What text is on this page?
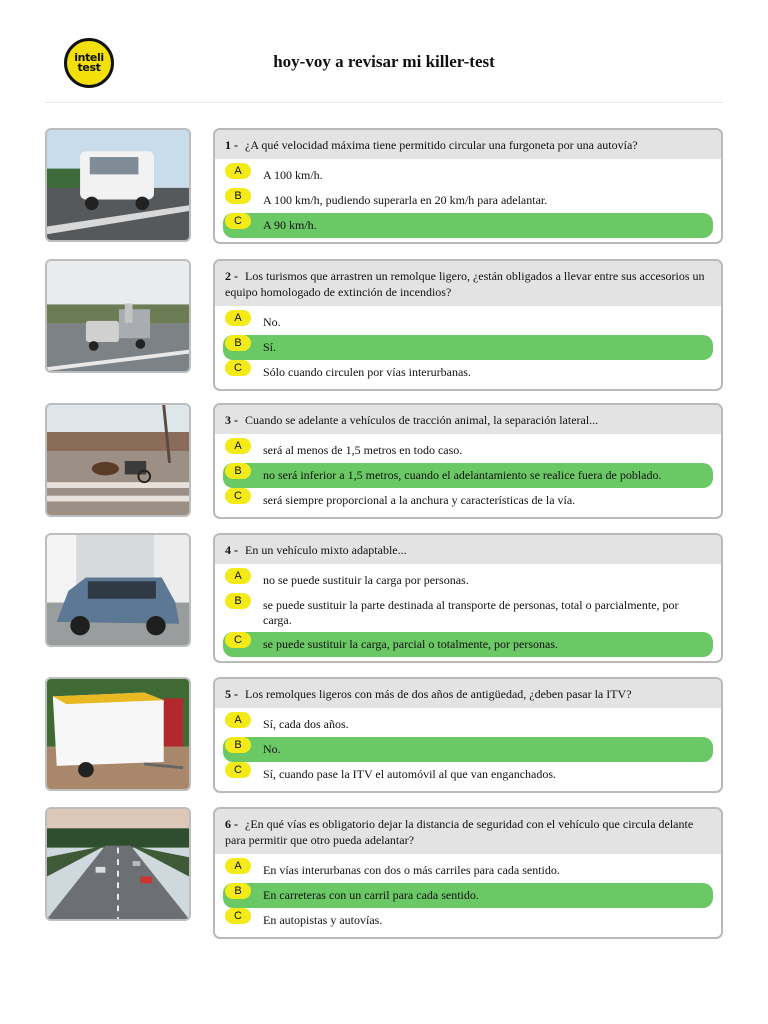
inteli
test	hoy-voy a revisar mi killer-test
1 - ¿A qué velocidad máxima tiene permitido circular una furgoneta por una autovía?
A	A 100 km/h.
B	A 100 km/h, pudiendo superarla en 20 km/h para adelantar.
C	A 90 km/h.
2 - Los turismos que arrastren un remolque ligero, ¿están obligados a llevar entre sus accesorios un equipo homologado de extinción de incendios?
A	No.
B	Sí.
C	Sólo cuando circulen por vías interurbanas.
3 - Cuando se adelante a vehículos de tracción animal, la separación lateral...
A	será al menos de 1,5 metros en todo caso.
B	no será inferior a 1,5 metros, cuando el adelantamiento se realice fuera de poblado.
C	será siempre proporcional a la anchura y características de la vía.
4 - En un vehículo mixto adaptable...
A	no se puede sustituir la carga por personas.
B	se puede sustituir la parte destinada al transporte de personas, total o parcialmente, por carga.
C	se puede sustituir la carga, parcial o totalmente, por personas.
5 - Los remolques ligeros con más de dos años de antigüedad, ¿deben pasar la ITV?
A	Sí, cada dos años.
B	No.
C	Sí, cuando pase la ITV el automóvil al que van enganchados.
6 - ¿En qué vías es obligatorio dejar la distancia de seguridad con el vehículo que circula delante para permitir que otro pueda adelantar?
A	En vías interurbanas con dos o más carriles para cada sentido.
B	En carreteras con un carril para cada sentido.
C	En autopistas y autovías.
